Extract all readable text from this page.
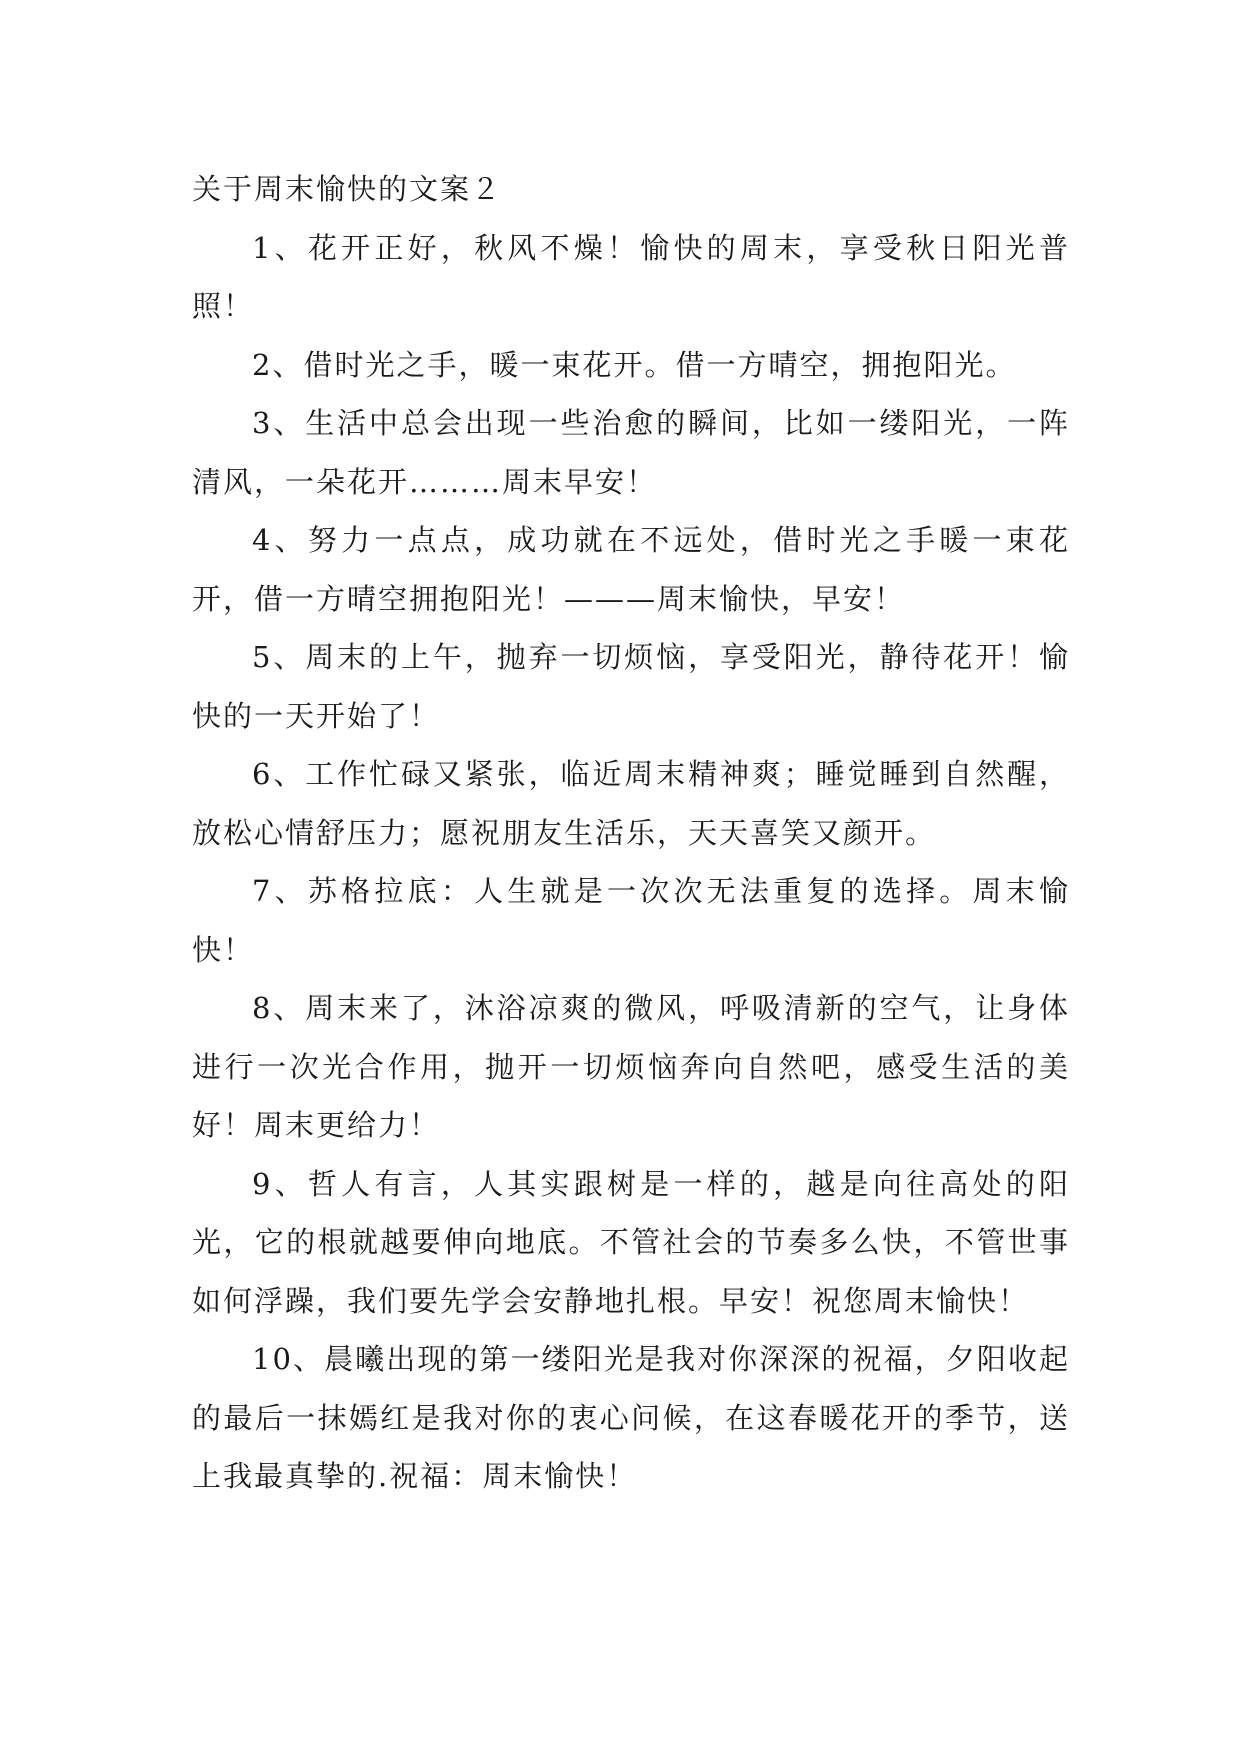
关于周末愉快的文案２

1、花开正好，秋风不燥！愉快的周末，享受秋日阳光普照！

2、借时光之手，暖一束花开。借一方晴空，拥抱阳光。

3、生活中总会出现一些治愈的瞬间，比如一缕阳光，一阵清风，一朵花开………周末早安！

4、努力一点点，成功就在不远处，借时光之手暖一束花开，借一方晴空拥抱阳光！———周末愉快，早安！

5、周末的上午，抛弃一切烦恼，享受阳光，静待花开！愉快的一天开始了！

6、工作忙碌又紧张，临近周末精神爽；睡觉睡到自然醒，放松心情舒压力；愿祝朋友生活乐，天天喜笑又颜开。

7、苏格拉底：人生就是一次次无法重复的选择。周末愉快！

8、周末来了，沐浴凉爽的微风，呼吸清新的空气，让身体进行一次光合作用，抛开一切烦恼奔向自然吧，感受生活的美好！周末更给力！

9、哲人有言，人其实跟树是一样的，越是向往高处的阳光，它的根就越要伸向地底。不管社会的节奏多么快，不管世事如何浮躁，我们要先学会安静地扎根。早安！祝您周末愉快！

10、晨曦出现的第一缕阳光是我对你深深的祝福，夕阳收起的最后一抹嫣红是我对你的衷心问候，在这春暖花开的季节，送上我最真挚的.祝福：周末愉快！
